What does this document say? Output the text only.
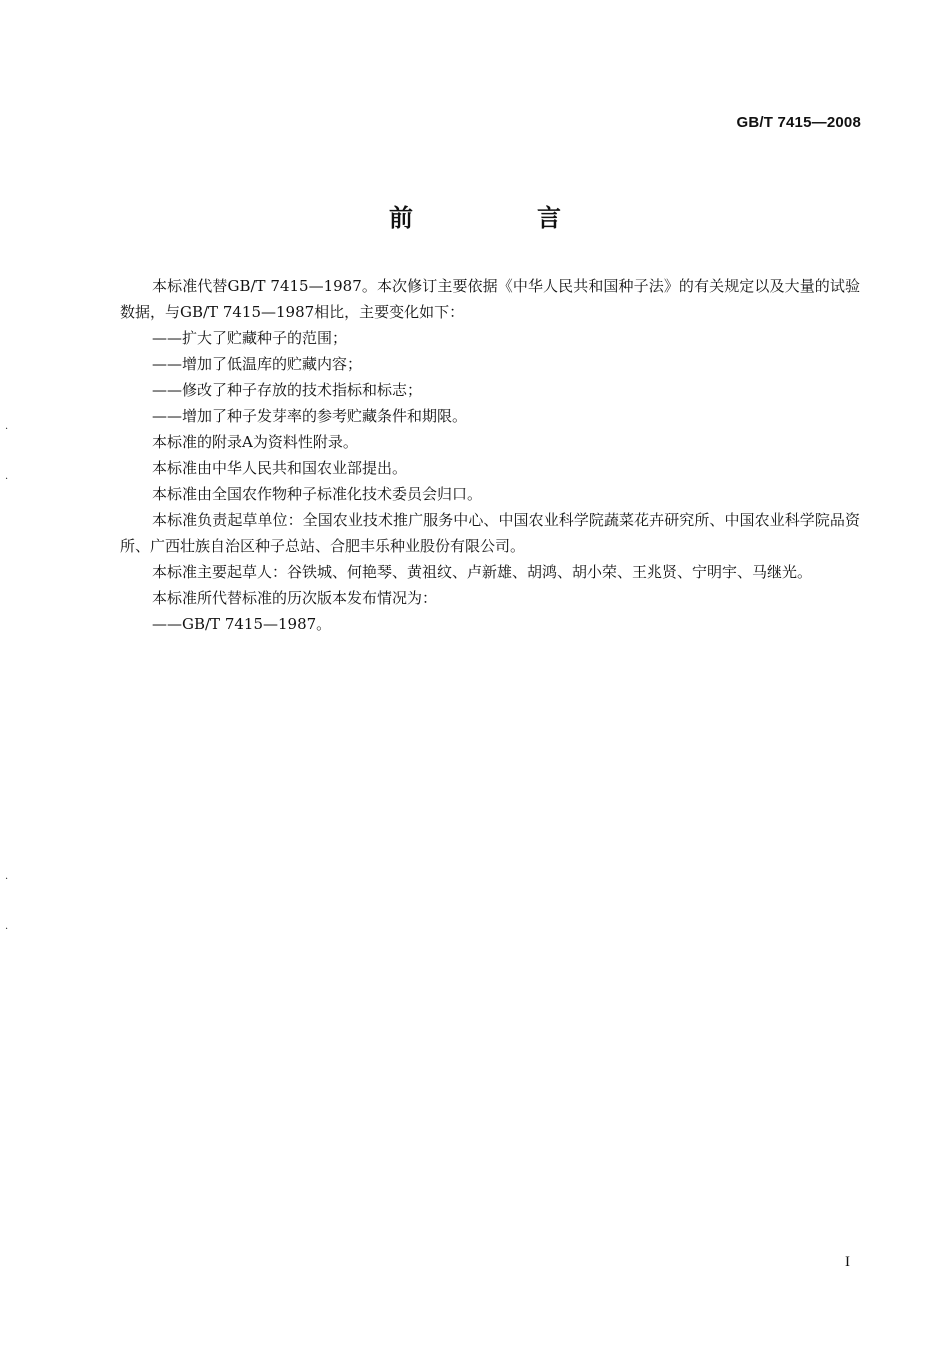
GB/T 7415—2008
前　言

本标准代替GB/T 7415—1987。本次修订主要依据《中华人民共和国种子法》的有关规定以及大量的试验数据，与GB/T 7415—1987相比，主要变化如下：

——扩大了贮藏种子的范围；

——增加了低温库的贮藏内容；

——修改了种子存放的技术指标和标志；

——增加了种子发芽率的参考贮藏条件和期限。

本标准的附录A为资料性附录。

本标准由中华人民共和国农业部提出。

本标准由全国农作物种子标准化技术委员会归口。

本标准负责起草单位：全国农业技术推广服务中心、中国农业科学院蔬菜花卉研究所、中国农业科学院品资所、广西壮族自治区种子总站、合肥丰乐种业股份有限公司。

本标准主要起草人：谷铁城、何艳琴、黄祖纹、卢新雄、胡鸿、胡小荣、王兆贤、宁明宇、马继光。

本标准所代替标准的历次版本发布情况为：

——GB/T 7415—1987。

·
·
·
·
I
